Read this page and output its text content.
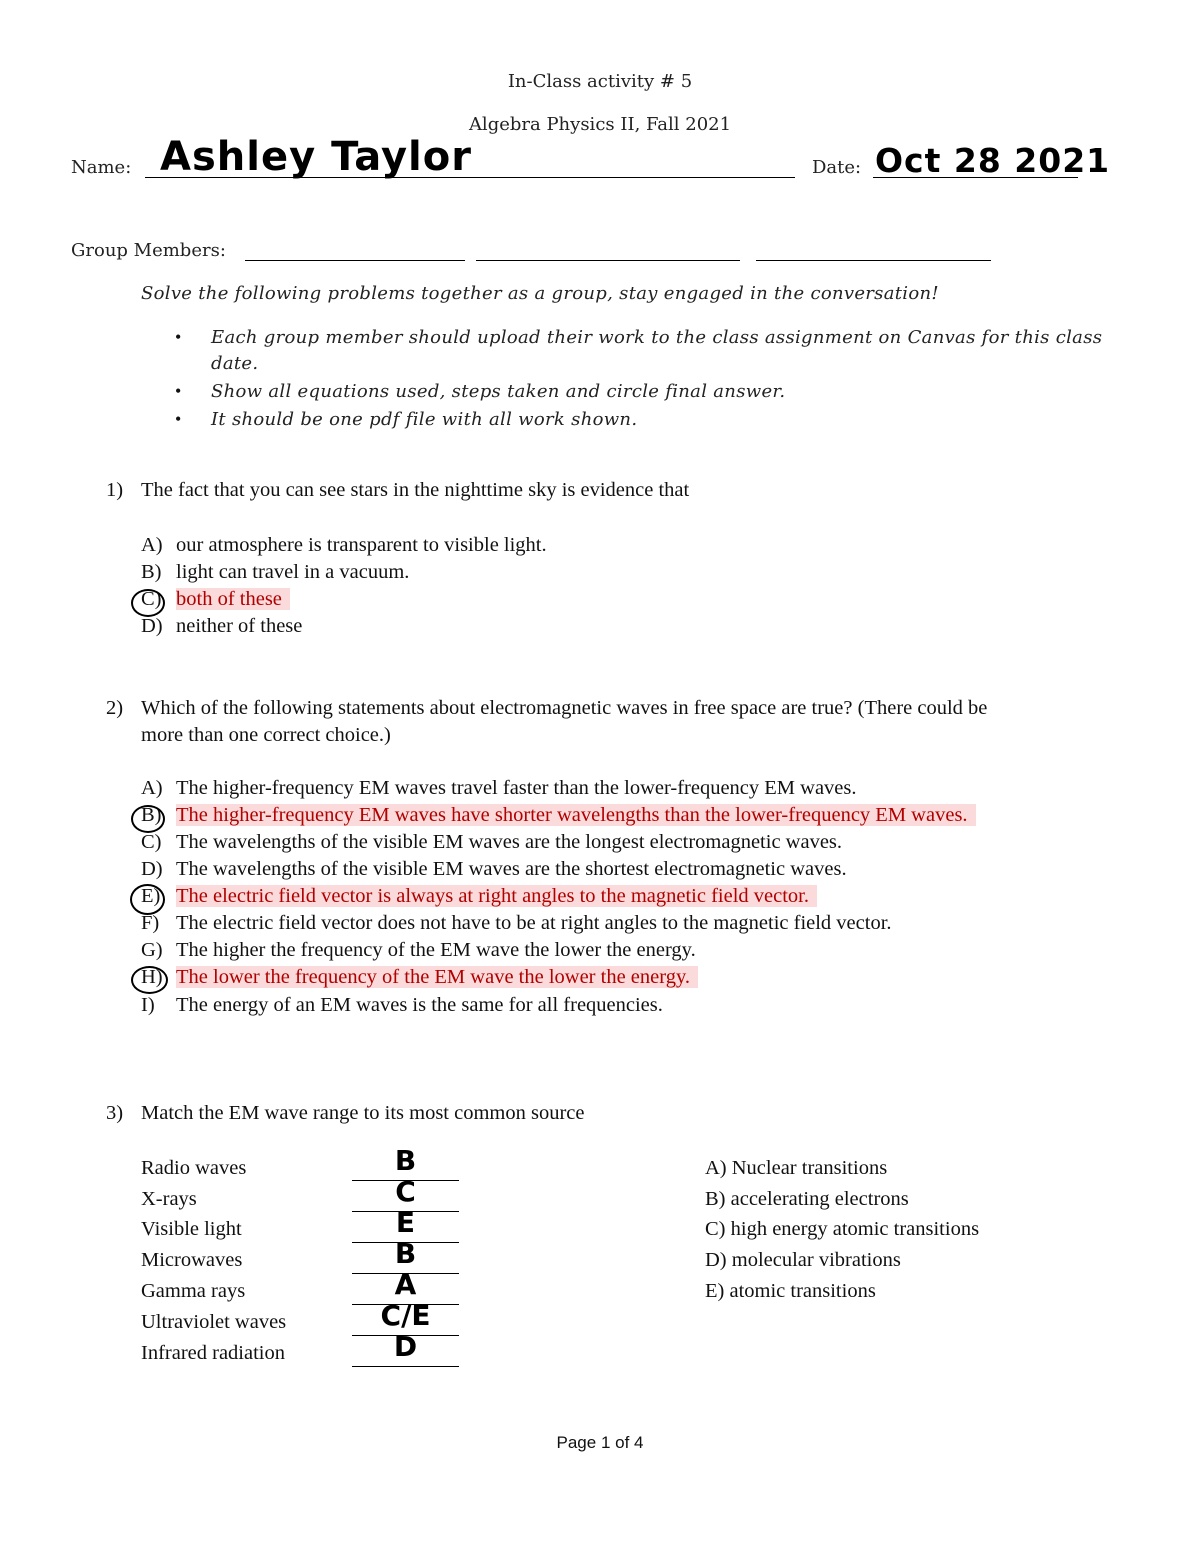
In-Class activity # 5
Algebra Physics II, Fall 2021
Name: Ashley Taylor	Date: Oct 28 2021
Group Members:
Solve the following problems together as a group, stay engaged in the conversation!
• Each group member should upload their work to the class assignment on Canvas for this class
date.
• Show all equations used, steps taken and circle final answer.
• It should be one pdf file with all work shown.
1) The fact that you can see stars in the nighttime sky is evidence that
A) our atmosphere is transparent to visible light.
B) light can travel in a vacuum.
C) both of these
D) neither of these
2) Which of the following statements about electromagnetic waves in free space are true? (There could be
more than one correct choice.)
A) The higher-frequency EM waves travel faster than the lower-frequency EM waves.
B) The higher-frequency EM waves have shorter wavelengths than the lower-frequency EM waves.
C) The wavelengths of the visible EM waves are the longest electromagnetic waves.
D) The wavelengths of the visible EM waves are the shortest electromagnetic waves.
E) The electric field vector is always at right angles to the magnetic field vector.
F) The electric field vector does not have to be at right angles to the magnetic field vector.
G) The higher the frequency of the EM wave the lower the energy.
H) The lower the frequency of the EM wave the lower the energy.
I) The energy of an EM waves is the same for all frequencies.
3) Match the EM wave range to its most common source
Radio waves	B
X-rays	C
Visible light	E
Microwaves	B
Gamma rays	A
Ultraviolet waves	C/E
Infrared radiation	D
A) Nuclear transitions
B) accelerating electrons
C) high energy atomic transitions
D) molecular vibrations
E) atomic transitions
Page 1 of 4
